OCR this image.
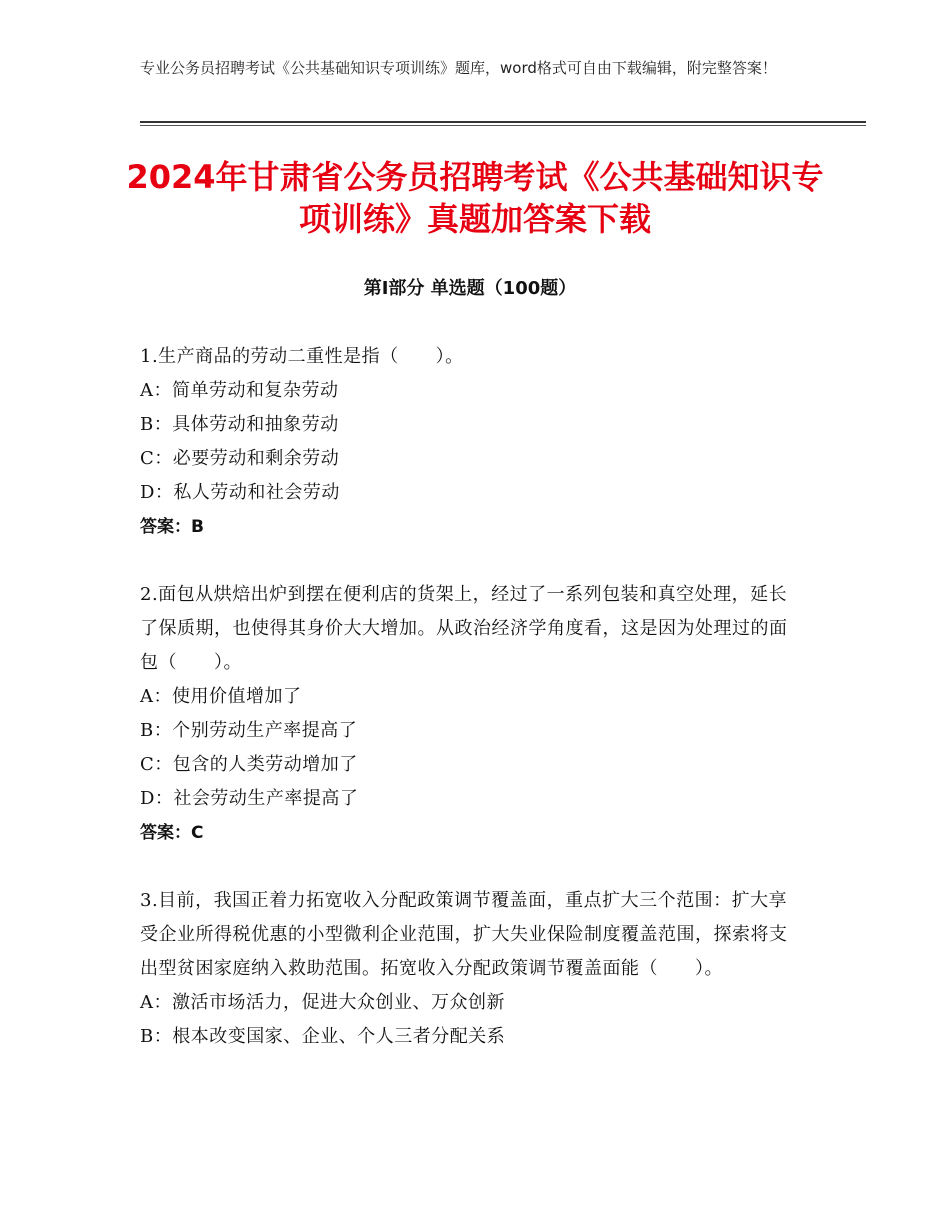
专业公务员招聘考试《公共基础知识专项训练》题库，word格式可自由下载编辑，附完整答案！
2024年甘肃省公务员招聘考试《公共基础知识专项训练》真题加答案下载
第Ⅰ部分 单选题（100题）

1.生产商品的劳动二重性是指（　　）。

A：简单劳动和复杂劳动

B：具体劳动和抽象劳动

C：必要劳动和剩余劳动

D：私人劳动和社会劳动

答案：B

2.面包从烘焙出炉到摆在便利店的货架上，经过了一系列包装和真空处理，延长了保质期，也使得其身价大大增加。从政治经济学角度看，这是因为处理过的面包（　　）。

A：使用价值增加了

B：个别劳动生产率提高了

C：包含的人类劳动增加了

D：社会劳动生产率提高了

答案：C

3.目前，我国正着力拓宽收入分配政策调节覆盖面，重点扩大三个范围：扩大享受企业所得税优惠的小型微利企业范围，扩大失业保险制度覆盖范围，探索将支出型贫困家庭纳入救助范围。拓宽收入分配政策调节覆盖面能（　　）。

A：激活市场活力，促进大众创业、万众创新

B：根本改变国家、企业、个人三者分配关系
